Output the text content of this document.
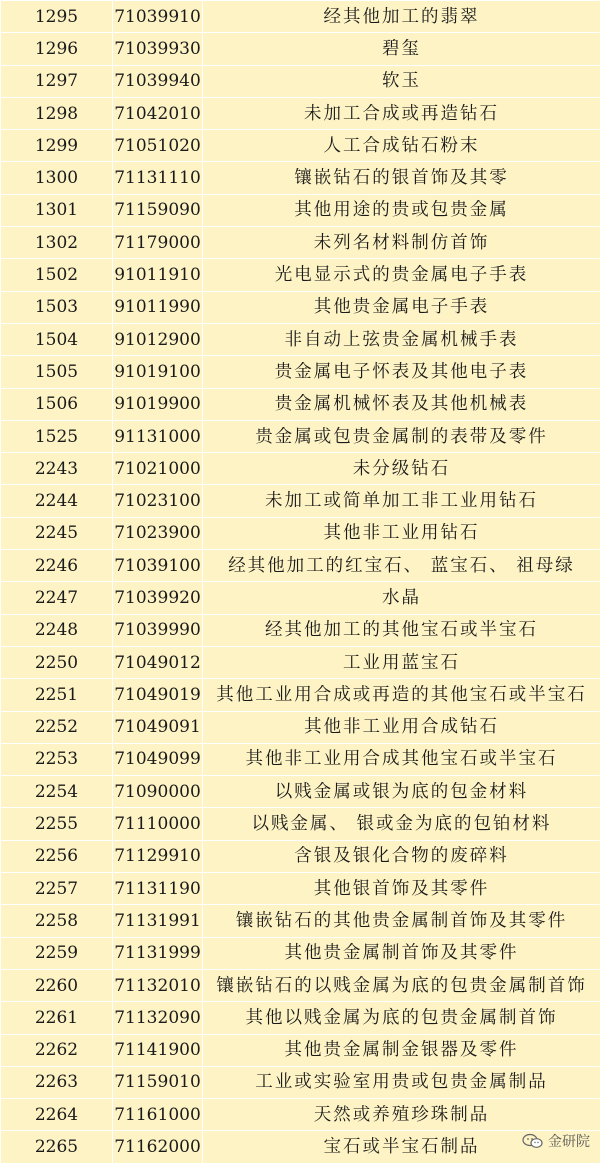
1295	71039910	经其他加工的翡翠
1296	71039930	碧玺
1297	71039940	软玉
1298	71042010	未加工合成或再造钻石
1299	71051020	人工合成钻石粉末
1300	71131110	镶嵌钻石的银首饰及其零
1301	71159090	其他用途的贵或包贵金属
1302	71179000	未列名材料制仿首饰
1502	91011910	光电显示式的贵金属电子手表
1503	91011990	其他贵金属电子手表
1504	91012900	非自动上弦贵金属机械手表
1505	91019100	贵金属电子怀表及其他电子表
1506	91019900	贵金属机械怀表及其他机械表
1525	91131000	贵金属或包贵金属制的表带及零件
2243	71021000	未分级钻石
2244	71023100	未加工或简单加工非工业用钻石
2245	71023900	其他非工业用钻石
2246	71039100	经其他加工的红宝石、 蓝宝石、 祖母绿
2247	71039920	水晶
2248	71039990	经其他加工的其他宝石或半宝石
2250	71049012	工业用蓝宝石
2251	71049019	其他工业用合成或再造的其他宝石或半宝石
2252	71049091	其他非工业用合成钻石
2253	71049099	其他非工业用合成其他宝石或半宝石
2254	71090000	以贱金属或银为底的包金材料
2255	71110000	以贱金属、 银或金为底的包铂材料
2256	71129910	含银及银化合物的废碎料
2257	71131190	其他银首饰及其零件
2258	71131991	镶嵌钻石的其他贵金属制首饰及其零件
2259	71131999	其他贵金属制首饰及其零件
2260	71132010	镶嵌钻石的以贱金属为底的包贵金属制首饰
2261	71132090	其他以贱金属为底的包贵金属制首饰
2262	71141900	其他贵金属制金银器及零件
2263	71159010	工业或实验室用贵或包贵金属制品
2264	71161000	天然或养殖珍珠制品
2265	71162000	宝石或半宝石制品	金研院
